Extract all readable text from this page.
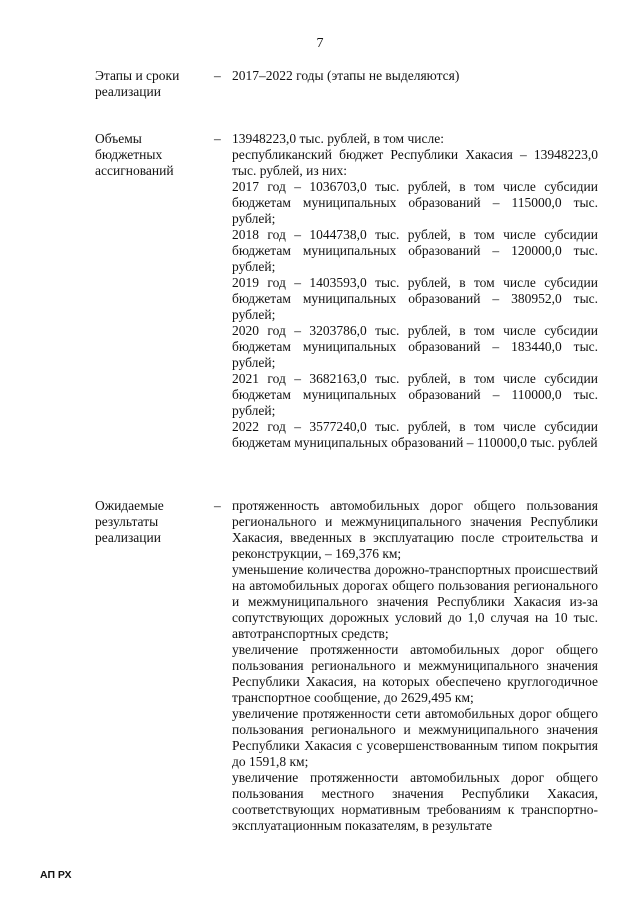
7
Этапы и сроки реализации
– 2017–2022 годы (этапы не выделяются)

Объемы бюджетных ассигнований
– 13948223,0 тыс. рублей, в том числе:

республиканский бюджет Республики Хакасия – 13948223,0 тыс. рублей, из них:

2017 год – 1036703,0 тыс. рублей, в том числе субсидии бюджетам муниципальных образований – 115000,0 тыс. рублей;

2018 год – 1044738,0 тыс. рублей, в том числе субсидии бюджетам муниципальных образований – 120000,0 тыс. рублей;

2019 год – 1403593,0 тыс. рублей, в том числе субсидии бюджетам муниципальных образований – 380952,0 тыс. рублей;

2020 год – 3203786,0 тыс. рублей, в том числе субсидии бюджетам муниципальных образований – 183440,0 тыс. рублей;

2021 год – 3682163,0 тыс. рублей, в том числе субсидии бюджетам муниципальных образований – 110000,0 тыс. рублей;

2022 год – 3577240,0 тыс. рублей, в том числе субсидии бюджетам муниципальных образований – 110000,0 тыс. рублей

Ожидаемые результаты реализации
– протяженность автомобильных дорог общего пользования регионального и межмуниципального значения Республики Хакасия, введенных в эксплуатацию после строительства и реконструкции, – 169,376 км;

уменьшение количества дорожно-транспортных происшествий на автомобильных дорогах общего пользования регионального и межмуниципального значения Республики Хакасия из-за сопутствующих дорожных условий до 1,0 случая на 10 тыс. автотранспортных средств;

увеличение протяженности автомобильных дорог общего пользования регионального и межмуниципального значения Республики Хакасия, на которых обеспечено круглогодичное транспортное сообщение, до 2629,495 км;

увеличение протяженности сети автомобильных дорог общего пользования регионального и межмуниципального значения Республики Хакасия с усовершенствованным типом покрытия до 1591,8 км;

увеличение протяженности автомобильных дорог общего пользования местного значения Республики Хакасия, соответствующих нормативным требованиям к транспортно-эксплуатационным показателям, в результате

АП РХ
